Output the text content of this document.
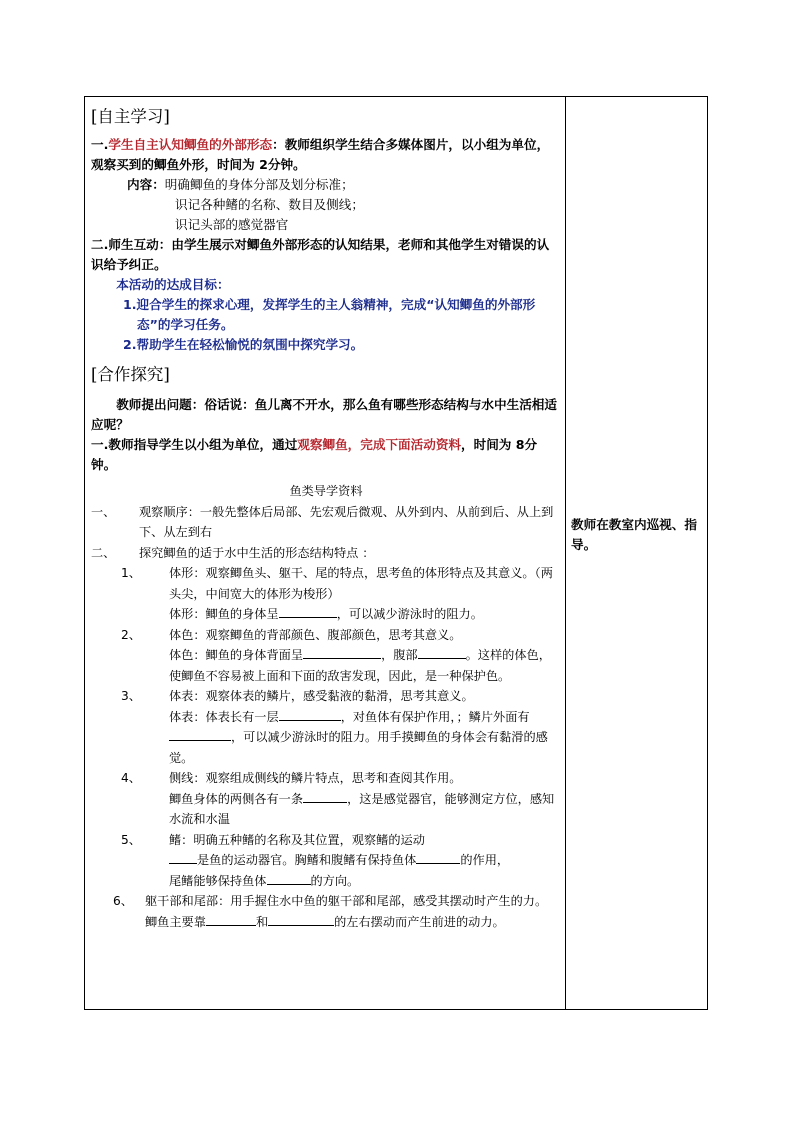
[自主学习]

一.学生自主认知鲫鱼的外部形态：教师组织学生结合多媒体图片，以小组为单位，观察买到的鲫鱼外形，时间为 2分钟。

内容：明确鲫鱼的身体分部及划分标准；

识记各种鳍的名称、数目及侧线；

识记头部的感觉器官

二.师生互动：由学生展示对鲫鱼外部形态的认知结果，老师和其他学生对错误的认识给予纠正。

本活动的达成目标：

1.迎合学生的探求心理，发挥学生的主人翁精神，完成“认知鲫鱼的外部形态”的学习任务。

2.帮助学生在轻松愉悦的氛围中探究学习。

[合作探究]

教师提出问题：俗话说：鱼儿离不开水，那么鱼有哪些形态结构与水中生活相适应呢？

一.教师指导学生以小组为单位，通过观察鲫鱼，完成下面活动资料，时间为 8分钟。

鱼类导学资料
一、	观察顺序：一般先整体后局部、先宏观后微观、从外到内、从前到后、从上到下、从左到右
二、	探究鲫鱼的适于水中生活的形态结构特点 ：
1、	体形：观察鲫鱼头、躯干、尾的特点，思考鱼的体形特点及其意义。（两头尖，中间宽大的体形为梭形）
体形：鲫鱼的身体呈	，可以减少游泳时的阻力。
2、	体色：观察鲫鱼的背部颜色、腹部颜色，思考其意义。
体色：鲫鱼的身体背面呈	，腹部	。这样的体色，使鲫鱼不容易被上面和下面的敌害发现，因此，是一种保护色。
3、	体表：观察体表的鳞片，感受黏液的黏滑，思考其意义。
体表：体表长有一层	，对鱼体有保护作用，；鳞片外面有，可以减少游泳时的阻力。用手摸鲫鱼的身体会有黏滑的感觉。
4、	侧线：观察组成侧线的鳞片特点，思考和查阅其作用。
鲫鱼身体的两侧各有一条	，这是感觉器官，能够测定方位，感知水流和水温
5、	鳍：明确五种鳍的名称及其位置，观察鳍的运动
是鱼的运动器官。胸鳍和腹鳍有保持鱼体	的作用，
尾鳍能够保持鱼体	的方向。
6、 躯干部和尾部：用手握住水中鱼的躯干部和尾部，感受其摆动时产生的力。
鲫鱼主要靠	和	的左右摆动而产生前进的动力。

教师在教室内巡视、指导。
